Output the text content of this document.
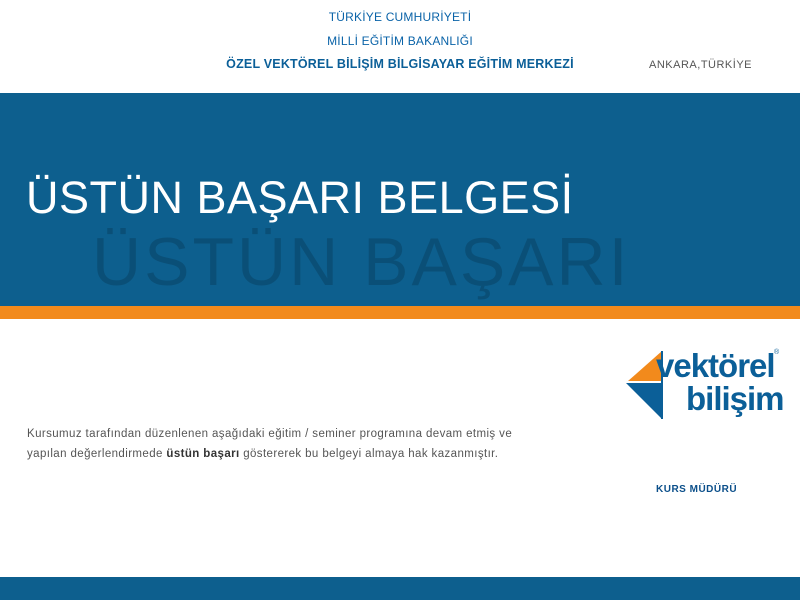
TÜRKİYE CUMHURİYETİ
MİLLİ EĞİTİM BAKANLIĞI
ÖZEL VEKTÖREL BİLİŞİM BİLGİSAYAR EĞİTİM MERKEZİ	ANKARA,TÜRKİYE
ÜSTÜN BAŞARI
ÜSTÜN BAŞARI BELGESİ
vektörel ®
bilişim
Kursumuz tarafından düzenlenen aşağıdaki eğitim / seminer programına devam etmiş ve
yapılan değerlendirmede üstün başarı göstererek bu belgeyi almaya hak kazanmıştır.
KURS MÜDÜRÜ
